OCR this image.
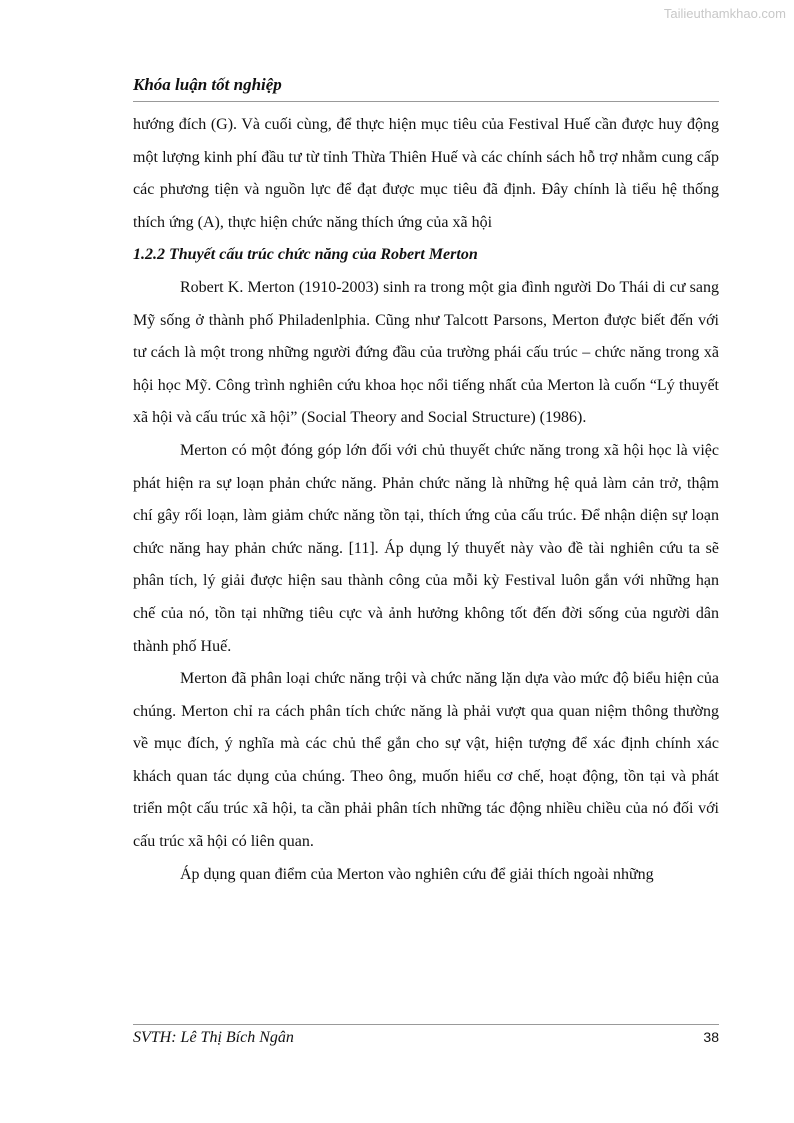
Tailieuthamkhao.com
Khóa luận tốt nghiệp

hướng đích (G). Và cuối cùng, để thực hiện mục tiêu của Festival Huế cần được huy động một lượng kinh phí đầu tư từ tỉnh Thừa Thiên Huế và các chính sách hỗ trợ nhằm cung cấp các phương tiện và nguồn lực để đạt được mục tiêu đã định. Đây chính là tiểu hệ thống thích ứng (A), thực hiện chức năng thích ứng của xã hội

1.2.2 Thuyết cấu trúc chức năng của Robert Merton

Robert K. Merton (1910-2003) sinh ra trong một gia đình người Do Thái di cư sang Mỹ sống ở thành phố Philadenlphia. Cũng như Talcott Parsons, Merton được biết đến với tư cách là một trong những người đứng đầu của trường phái cấu trúc – chức năng trong xã hội học Mỹ. Công trình nghiên cứu khoa học nổi tiếng nhất của Merton là cuốn “Lý thuyết xã hội và cấu trúc xã hội” (Social Theory and Social Structure) (1986).

Merton có một đóng góp lớn đối với chủ thuyết chức năng trong xã hội học là việc phát hiện ra sự loạn phản chức năng. Phản chức năng là những hệ quả làm cản trở, thậm chí gây rối loạn, làm giảm chức năng tồn tại, thích ứng của cấu trúc. Để nhận diện sự loạn chức năng hay phản chức năng. [11]. Áp dụng lý thuyết này vào đề tài nghiên cứu ta sẽ phân tích, lý giải được hiện sau thành công của mỗi kỳ Festival luôn gắn với những hạn chế của nó, tồn tại những tiêu cực và ảnh hưởng không tốt đến đời sống của người dân thành phố Huế.

Merton đã phân loại chức năng trội và chức năng lặn dựa vào mức độ biểu hiện của chúng. Merton chỉ ra cách phân tích chức năng là phải vượt qua quan niệm thông thường về mục đích, ý nghĩa mà các chủ thể gắn cho sự vật, hiện tượng để xác định chính xác khách quan tác dụng của chúng. Theo ông, muốn hiểu cơ chế, hoạt động, tồn tại và phát triển một cấu trúc xã hội, ta cần phải phân tích những tác động nhiều chiều của nó đối với cấu trúc xã hội có liên quan.

Áp dụng quan điểm của Merton vào nghiên cứu để giải thích ngoài những

SVTH: Lê Thị Bích Ngân	38
